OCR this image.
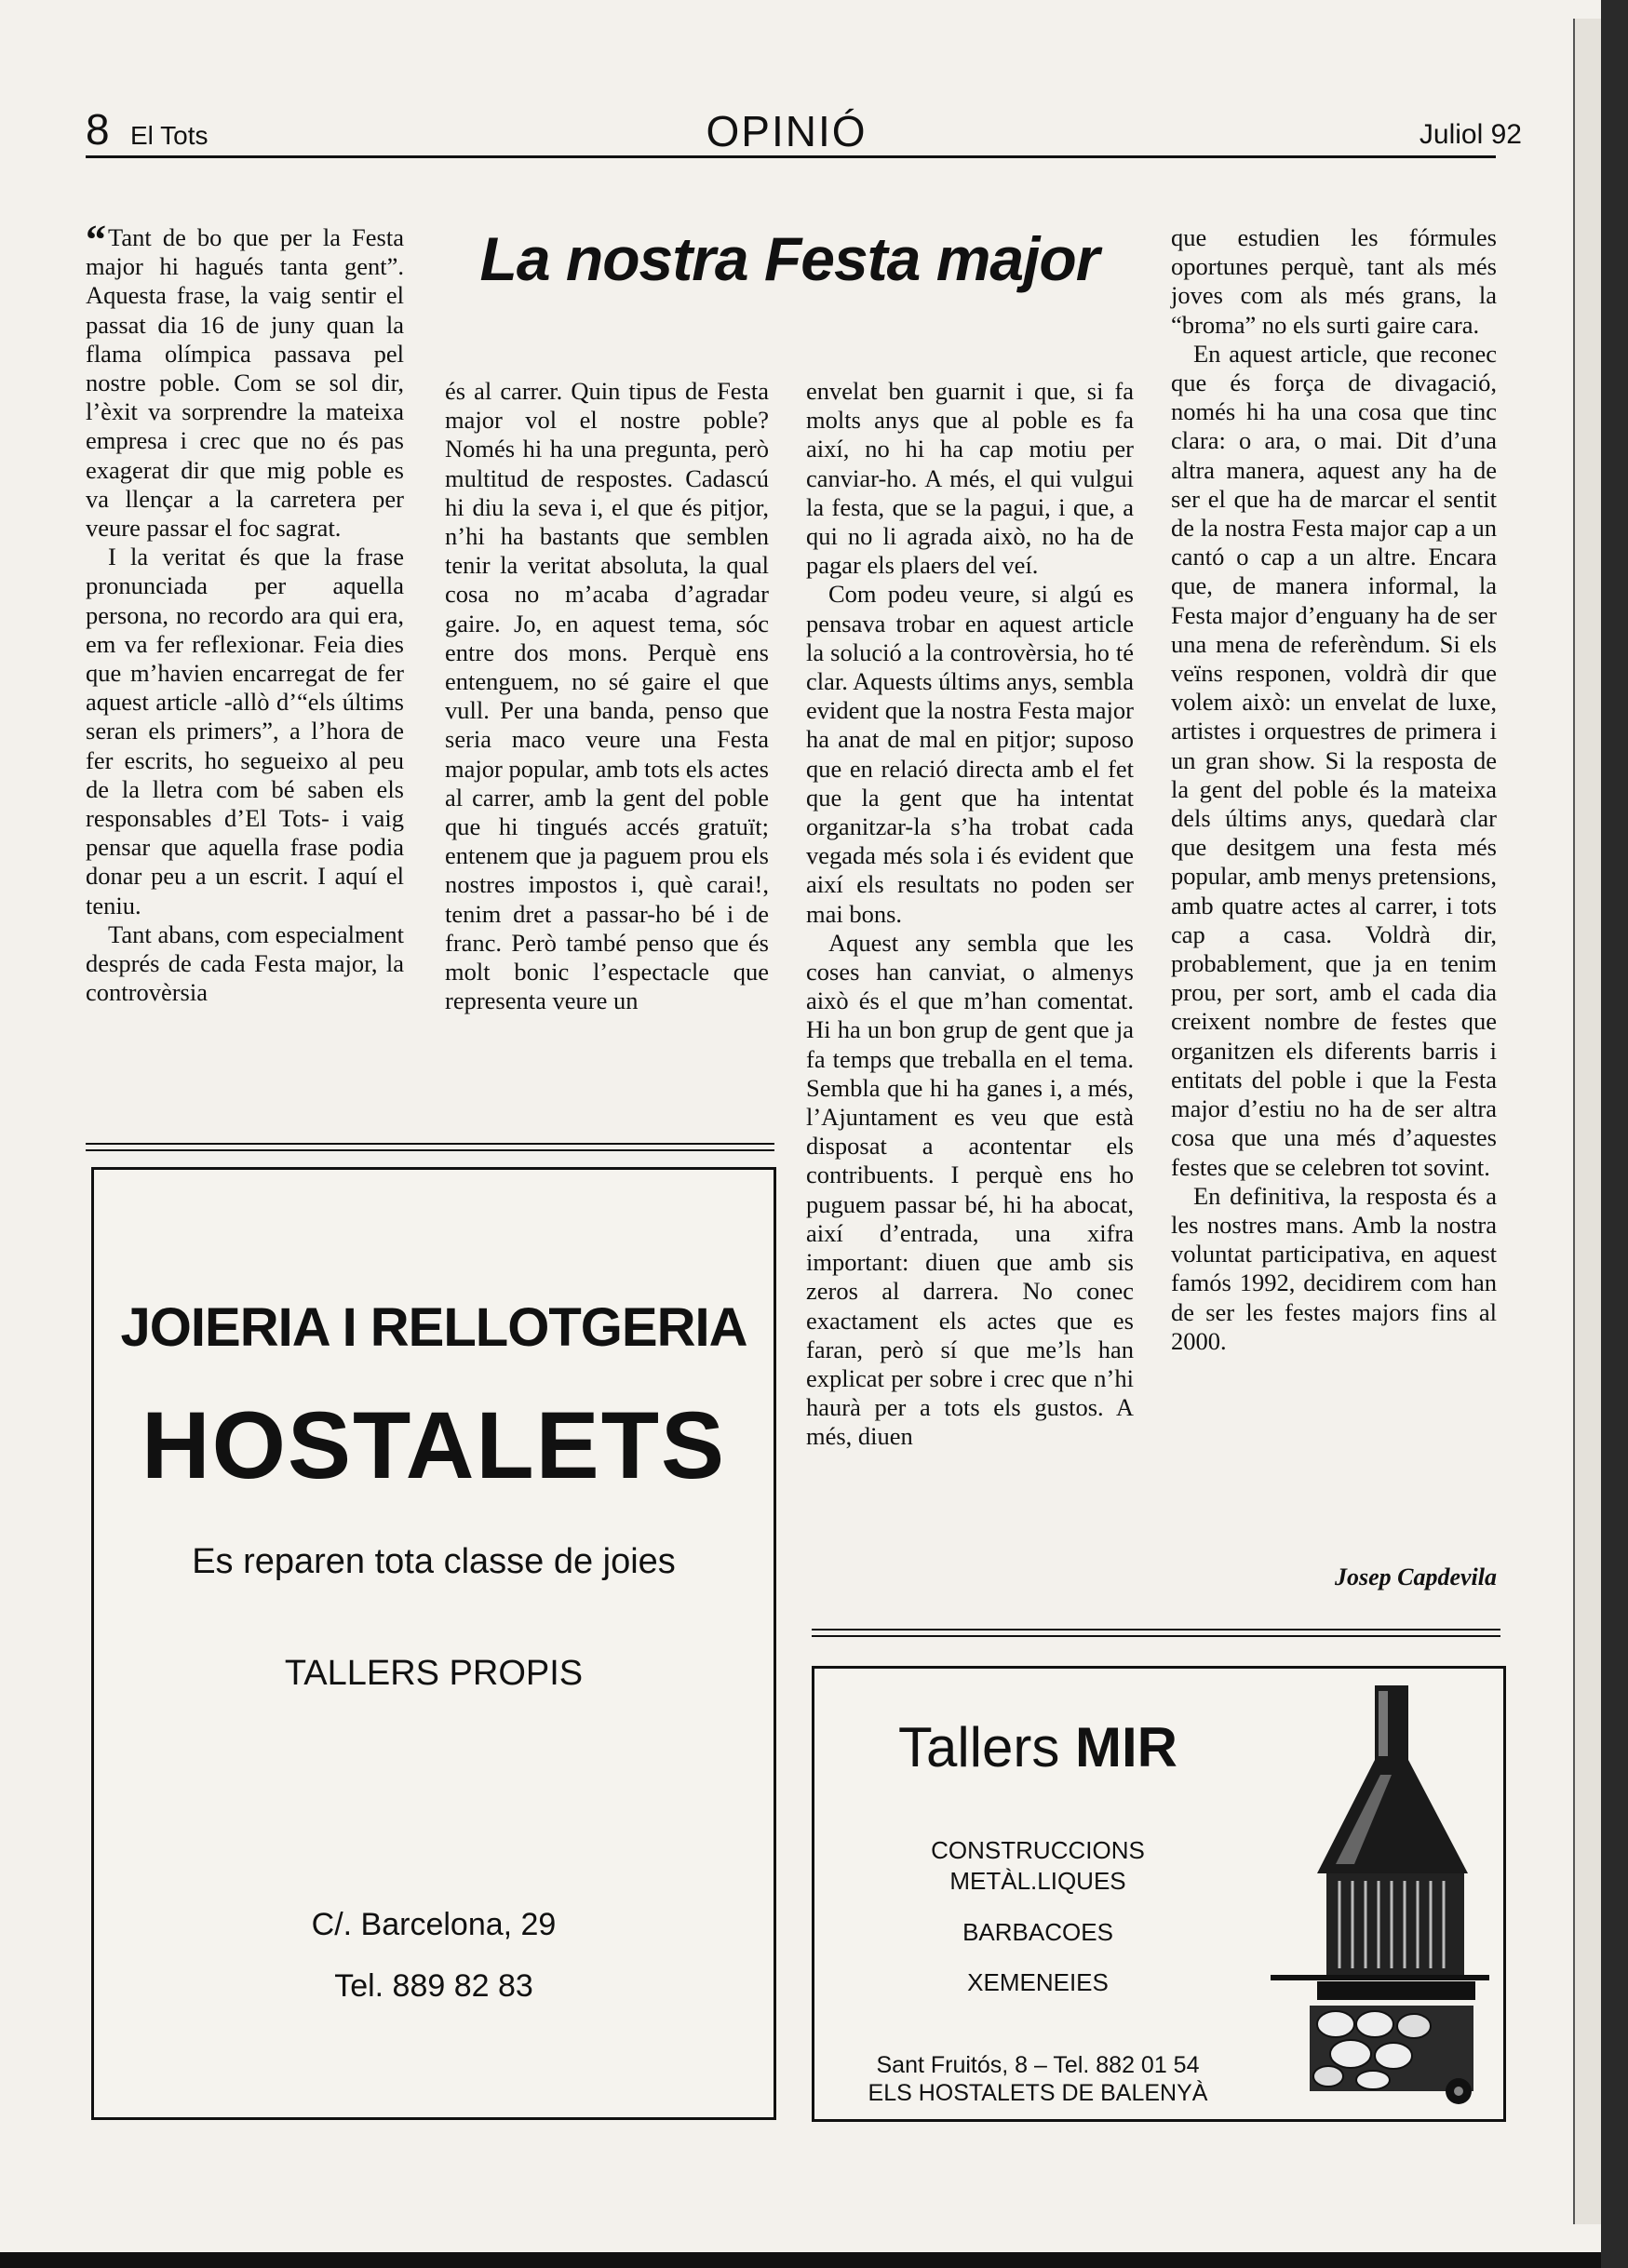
8 El Tots	OPINIÓ	Juliol 92
La nostra Festa major

“Tant de bo que per la Festa major hi hagués tanta gent”. Aquesta frase, la vaig sentir el passat dia 16 de juny quan la flama olímpica passava pel nostre poble. Com se sol dir, l’èxit va sorprendre la mateixa empresa i crec que no és pas exagerat dir que mig poble es va llençar a la carretera per veure passar el foc sagrat.

I la veritat és que la frase pronunciada per aquella persona, no recordo ara qui era, em va fer reflexionar. Feia dies que m’havien encarregat de fer aquest article -allò d’“els últims seran els primers”, a l’hora de fer escrits, ho segueixo al peu de la lletra com bé saben els responsables d’El Tots- i vaig pensar que aquella frase podia donar peu a un escrit. I aquí el teniu.

Tant abans, com especialment després de cada Festa major, la controvèrsia

és al carrer. Quin tipus de Festa major vol el nostre poble? Només hi ha una pregunta, però multitud de respostes. Cadascú hi diu la seva i, el que és pitjor, n’hi ha bastants que semblen tenir la veritat absoluta, la qual cosa no m’acaba d’agradar gaire. Jo, en aquest tema, sóc entre dos mons. Perquè ens entenguem, no sé gaire el que vull. Per una banda, penso que seria maco veure una Festa major popular, amb tots els actes al carrer, amb la gent del poble que hi tingués accés gratuït; entenem que ja paguem prou els nostres impostos i, què carai!, tenim dret a passar-ho bé i de franc. Però també penso que és molt bonic l’espectacle que representa veure un

envelat ben guarnit i que, si fa molts anys que al poble es fa així, no hi ha cap motiu per canviar-ho. A més, el qui vulgui la festa, que se la pagui, i que, a qui no li agrada això, no ha de pagar els plaers del veí.

Com podeu veure, si algú es pensava trobar en aquest article la solució a la controvèrsia, ho té clar. Aquests últims anys, sembla evident que la nostra Festa major ha anat de mal en pitjor; suposo que en relació directa amb el fet que la gent que ha intentat organitzar-la s’ha trobat cada vegada més sola i és evident que així els resultats no poden ser mai bons.

Aquest any sembla que les coses han canviat, o almenys això és el que m’han comentat. Hi ha un bon grup de gent que ja fa temps que treballa en el tema. Sembla que hi ha ganes i, a més, l’Ajuntament es veu que està disposat a acontentar els contribuents. I perquè ens ho puguem passar bé, hi ha abocat, així d’entrada, una xifra important: diuen que amb sis zeros al darrera. No conec exactament els actes que es faran, però sí que me’ls han explicat per sobre i crec que n’hi haurà per a tots els gustos. A més, diuen

que estudien les fórmules oportunes perquè, tant als més joves com als més grans, la “broma” no els surti gaire cara.

En aquest article, que reconec que és força de divagació, només hi ha una cosa que tinc clara: o ara, o mai. Dit d’una altra manera, aquest any ha de ser el que ha de marcar el sentit de la nostra Festa major cap a un cantó o cap a un altre. Encara que, de manera informal, la Festa major d’enguany ha de ser una mena de referèndum. Si els veïns responen, voldrà dir que volem això: un envelat de luxe, artistes i orquestres de primera i un gran show. Si la resposta de la gent del poble és la mateixa dels últims anys, quedarà clar que desitgem una festa més popular, amb menys pretensions, amb quatre actes al carrer, i tots cap a casa. Voldrà dir, probablement, que ja en tenim prou, per sort, amb el cada dia creixent nombre de festes que organitzen els diferents barris i entitats del poble i que la Festa major d’estiu no ha de ser altra cosa que una més d’aquestes festes que se celebren tot sovint.

En definitiva, la resposta és a les nostres mans. Amb la nostra voluntat participativa, en aquest famós 1992, decidirem com han de ser les festes majors fins al 2000.

Josep Capdevila
JOIERIA I RELLOTGERIA
HOSTALETS
Es reparen tota classe de joies
TALLERS PROPIS
C/. Barcelona, 29
Tel. 889 82 83
Tallers MIR
CONSTRUCCIONS
METÀL.LIQUES
BARBACOES
XEMENEIES
Sant Fruitós, 8 – Tel. 882 01 54
ELS HOSTALETS DE BALENYÀ
